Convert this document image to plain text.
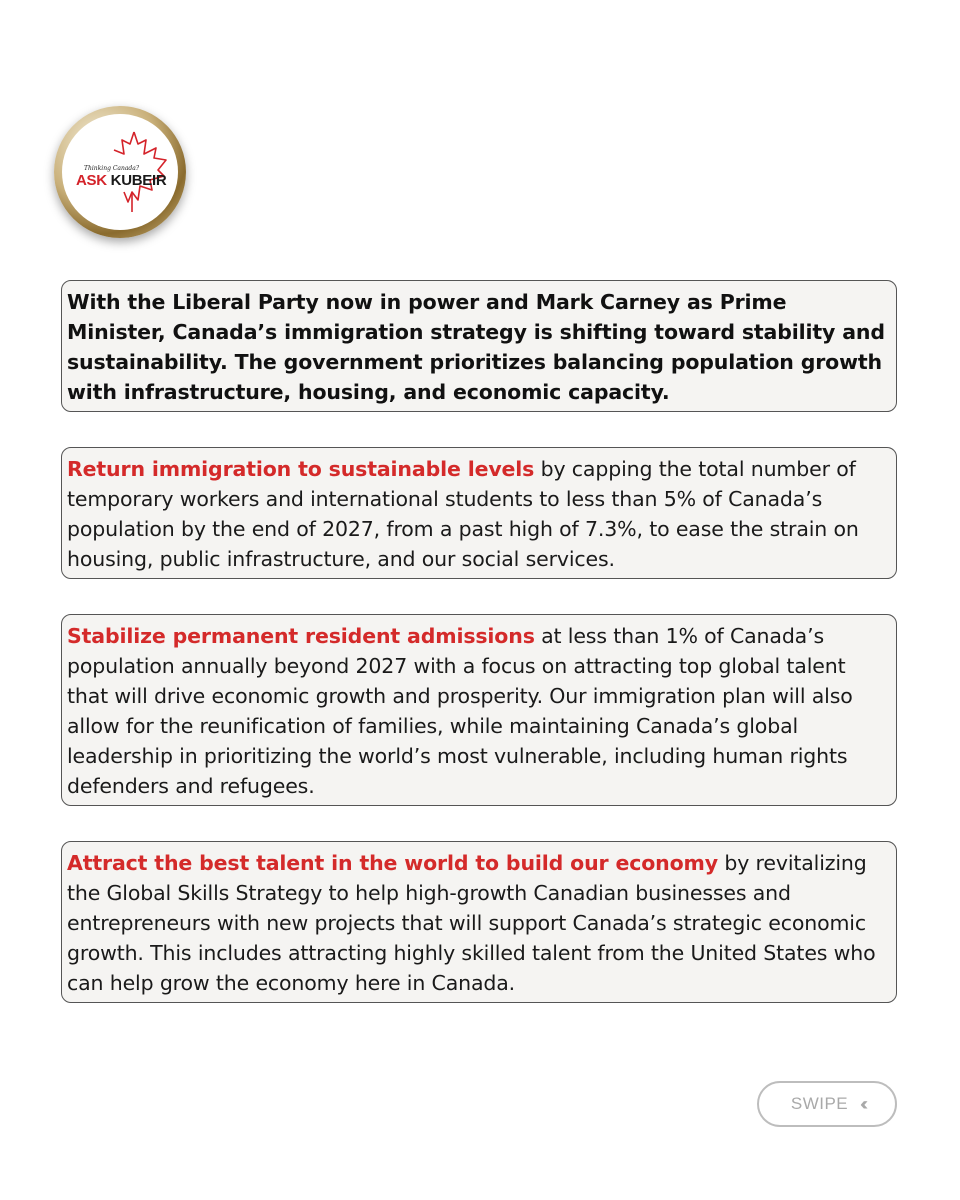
Thinking Canada?
ASK KUBEIR
With the Liberal Party now in power and Mark Carney as Prime Minister, Canada’s immigration strategy is shifting toward stability and sustainability. The government prioritizes balancing population growth with infrastructure, housing, and economic capacity.
Return immigration to sustainable levels by capping the total number of temporary workers and international students to less than 5% of Canada’s population by the end of 2027, from a past high of 7.3%, to ease the strain on housing, public infrastructure, and our social services.
Stabilize permanent resident admissions at less than 1% of Canada’s population annually beyond 2027 with a focus on attracting top global talent that will drive economic growth and prosperity. Our immigration plan will also allow for the reunification of families, while maintaining Canada’s global leadership in prioritizing the world’s most vulnerable, including human rights defenders and refugees.
Attract the best talent in the world to build our economy by revitalizing the Global Skills Strategy to help high-growth Canadian businesses and entrepreneurs with new projects that will support Canada’s strategic economic growth. This includes attracting highly skilled talent from the United States who can help grow the economy here in Canada.
SWIPE ‹‹‹
